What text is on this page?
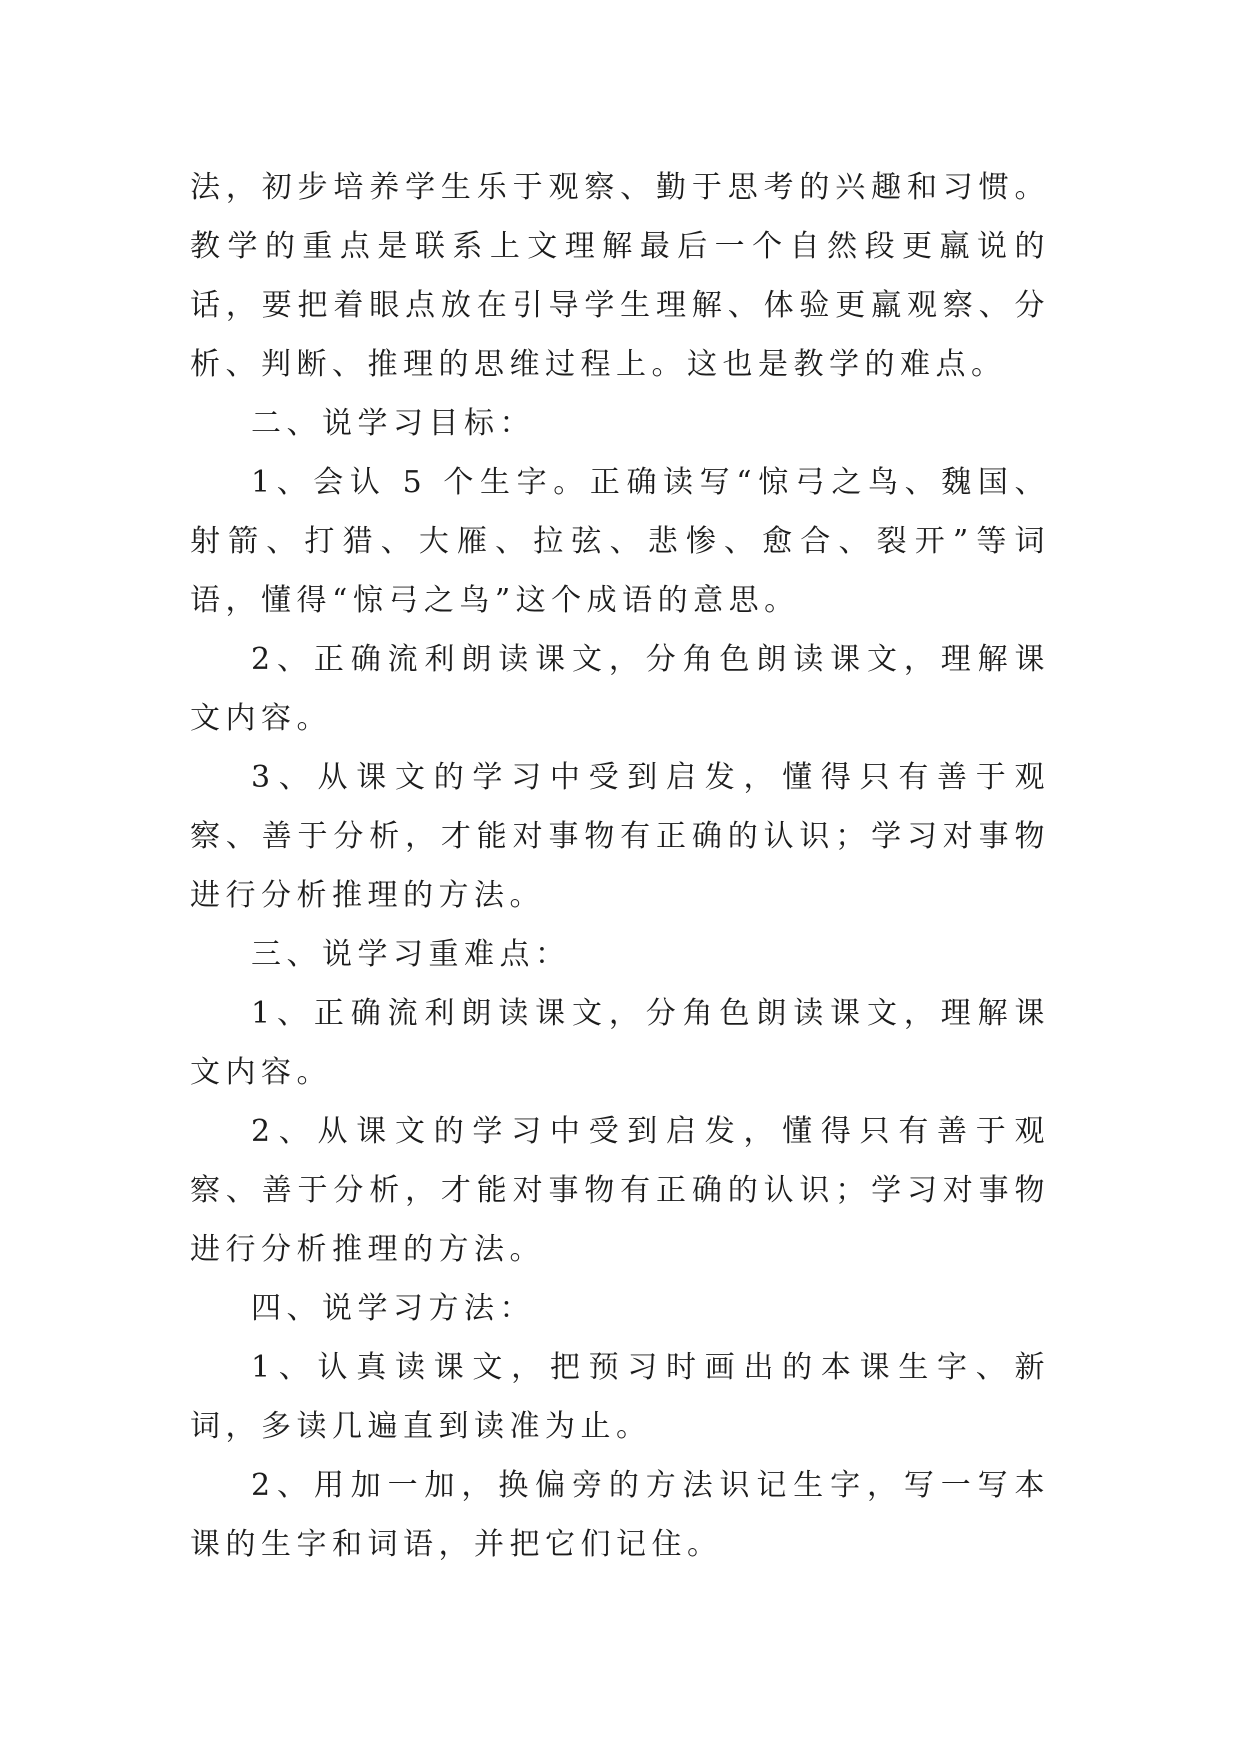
法，初步培养学生乐于观察、勤于思考的兴趣和习惯。教学的重点是联系上文理解最后一个自然段更羸说的话，要把着眼点放在引导学生理解、体验更羸观察、分析、判断、推理的思维过程上。这也是教学的难点。

二、说学习目标：

1、会认 5 个生字。正确读写“惊弓之鸟、魏国、射箭、打猎、大雁、拉弦、悲惨、愈合、裂开”等词语，懂得“惊弓之鸟”这个成语的意思。

2、正确流利朗读课文，分角色朗读课文，理解课文内容。

3、从课文的学习中受到启发，懂得只有善于观察、善于分析，才能对事物有正确的认识；学习对事物进行分析推理的方法。

三、说学习重难点：

1、正确流利朗读课文，分角色朗读课文，理解课文内容。

2、从课文的学习中受到启发，懂得只有善于观察、善于分析，才能对事物有正确的认识；学习对事物进行分析推理的方法。

四、说学习方法：

1、认真读课文，把预习时画出的本课生字、新词，多读几遍直到读准为止。

2、用加一加，换偏旁的方法识记生字，写一写本课的生字和词语，并把它们记住。
